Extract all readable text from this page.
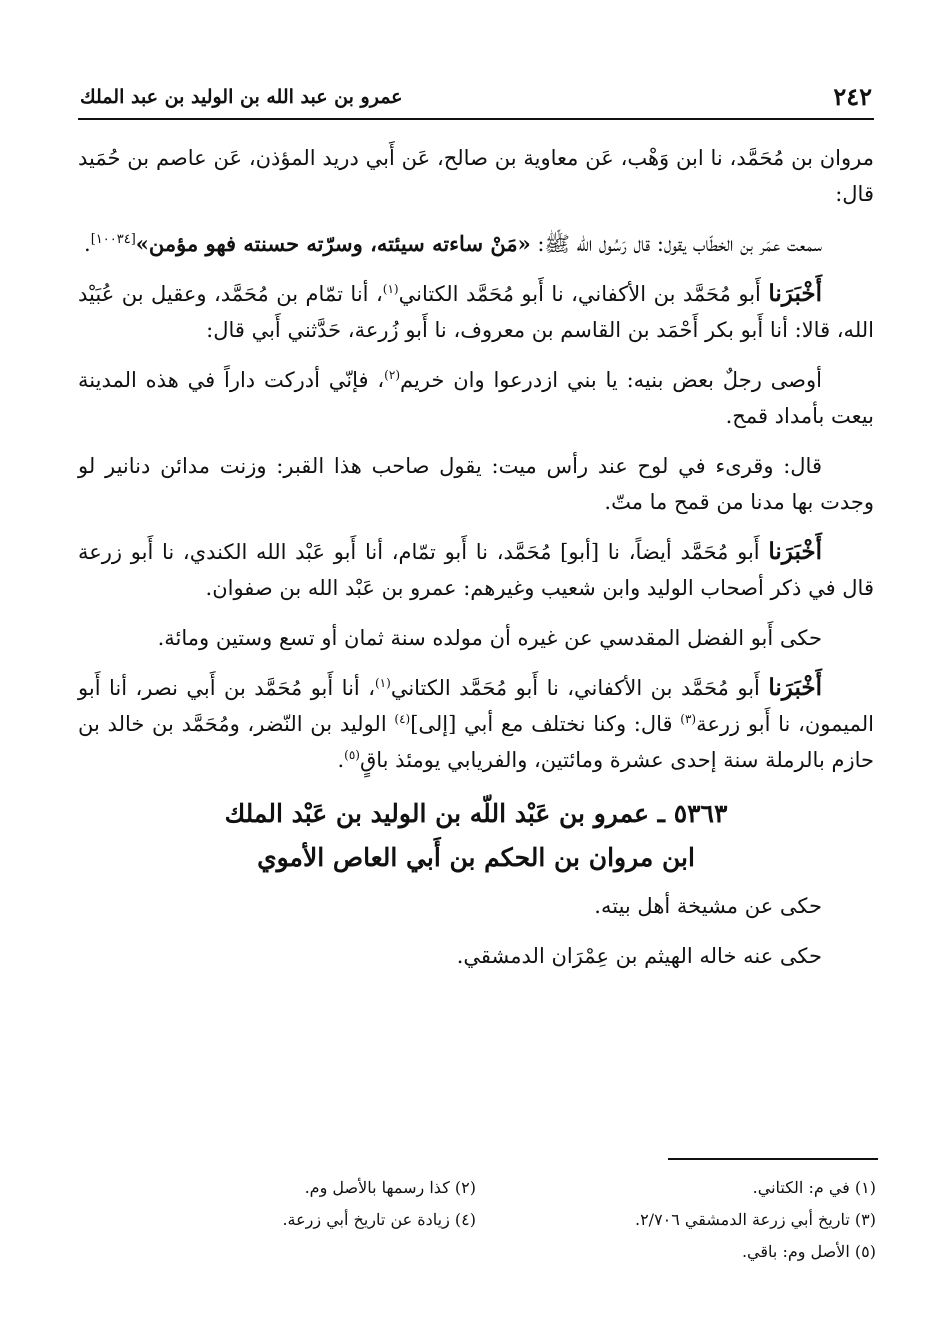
٢٤٢
عمرو بن عبد الله بن الوليد بن عبد الملك

مروان بن مُحَمَّد، نا ابن وَهْب، عَن معاوية بن صالح، عَن أَبي دريد المؤذن، عَن عاصم بن حُمَيد قال:

سمعت عمَر بن الخطّاب يقول: قال رَسُول الله ﷺ: «مَنْ ساءته سيئته، وسرّته حسنته فهو مؤمن»[١٠٠٣٤].

أَخْبَرَنا أَبو مُحَمَّد بن الأكفاني، نا أَبو مُحَمَّد الكتاني$^{(١)}$، أنا تمّام بن مُحَمَّد، وعقيل بن عُبَيْد الله، قالا: أنا أَبو بكر أَحْمَد بن القاسم بن معروف، نا أَبو زُرعة، حَدَّثني أَبي قال:

أوصى رجلٌ بعض بنيه: يا بني ازدرعوا وان خريم$^{(٢)}$، فإنّي أدركت داراً في هذه المدينة بيعت بأمداد قمح.

قال: وقرىء في لوح عند رأس ميت: يقول صاحب هذا القبر: وزنت مدائن دنانير لو وجدت بها مدنا من قمح ما متّ.

أَخْبَرَنا أَبو مُحَمَّد أيضاً، نا [أبو] مُحَمَّد، نا أَبو تمّام، أنا أَبو عَبْد الله الكندي، نا أَبو زرعة قال في ذكر أصحاب الوليد وابن شعيب وغيرهم: عمرو بن عَبْد الله بن صفوان.

حكى أَبو الفضل المقدسي عن غيره أن مولده سنة ثمان أو تسع وستين ومائة.

أَخْبَرَنا أَبو مُحَمَّد بن الأكفاني، نا أَبو مُحَمَّد الكتاني$^{(١)}$، أنا أَبو مُحَمَّد بن أَبي نصر، أنا أَبو الميمون، نا أَبو زرعة$^{(٣)}$ قال: وكنا نختلف مع أبي [إلى]$^{(٤)}$ الوليد بن النّضر، ومُحَمَّد بن خالد بن حازم بالرملة سنة إحدى عشرة ومائتين، والفريابي يومئذ باقٍ$^{(٥)}$.

٥٣٦٣ ـ عمرو بن عَبْد اللّه بن الوليد بن عَبْد الملك
ابن مروان بن الحكم بن أَبي العاص الأموي
حكى عن مشيخة أهل بيته.
حكى عنه خاله الهيثم بن عِمْرَان الدمشقي.
(١) في م: الكتاني.
(٢) كذا رسمها بالأصل وم.
(٣) تاريخ أبي زرعة الدمشقي ٢/٧٠٦.
(٤) زيادة عن تاريخ أبي زرعة.
(٥) الأصل وم: باقي.
